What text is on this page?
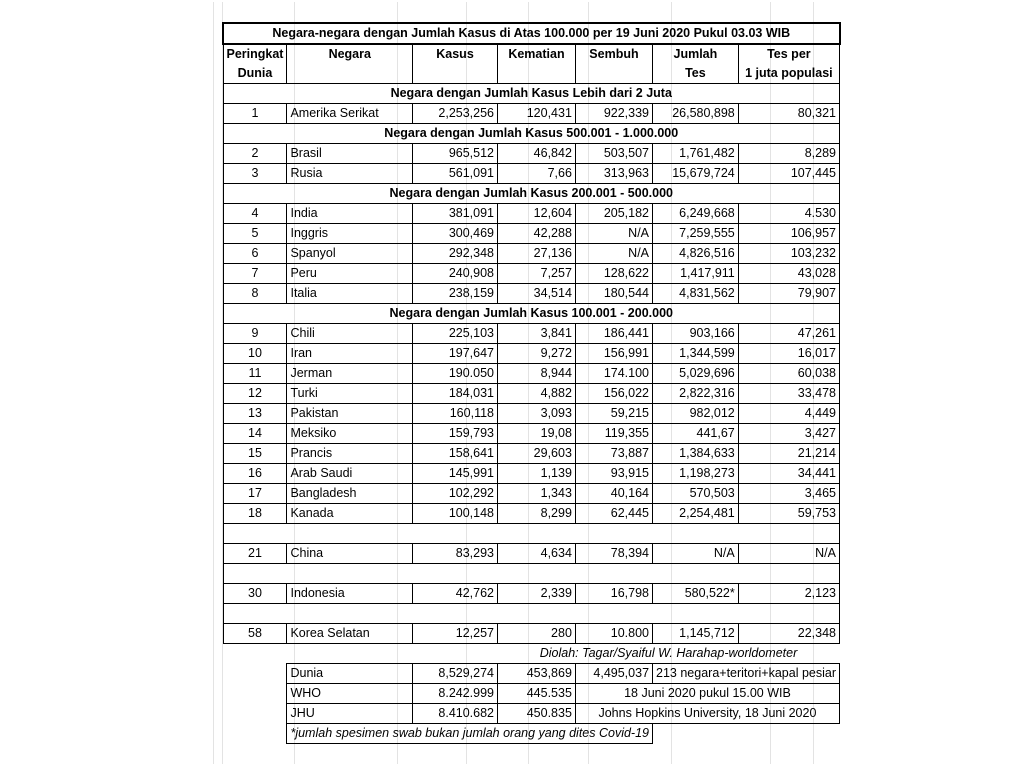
Negara-negara dengan Jumlah Kasus di Atas 100.000 per 19 Juni 2020 Pukul 03.03 WIB						
Peringkat	Negara	Kasus	Kematian	Sembuh	Jumlah	Tes per
Dunia					Tes	1 juta populasi
Negara dengan Jumlah Kasus Lebih dari 2 Juta						
1	Amerika Serikat	2,253,256	120,431	922,339	26,580,898	80,321
Negara dengan Jumlah Kasus 500.001 - 1.000.000						
2	Brasil	965,512	46,842	503,507	1,761,482	8,289
3	Rusia	561,091	7,66	313,963	15,679,724	107,445
Negara dengan Jumlah Kasus 200.001 - 500.000						
4	India	381,091	12,604	205,182	6,249,668	4.530
5	Inggris	300,469	42,288	N/A	7,259,555	106,957
6	Spanyol	292,348	27,136	N/A	4,826,516	103,232
7	Peru	240,908	7,257	128,622	1,417,911	43,028
8	Italia	238,159	34,514	180,544	4,831,562	79,907
Negara dengan Jumlah Kasus 100.001 - 200.000						
9	Chili	225,103	3,841	186,441	903,166	47,261
10	Iran	197,647	9,272	156,991	1,344,599	16,017
11	Jerman	190.050	8,944	174.100	5,029,696	60,038
12	Turki	184,031	4,882	156,022	2,822,316	33,478
13	Pakistan	160,118	3,093	59,215	982,012	4,449
14	Meksiko	159,793	19,08	119,355	441,67	3,427
15	Prancis	158,641	29,603	73,887	1,384,633	21,214
16	Arab Saudi	145,991	1,139	93,915	1,198,273	34,441
17	Bangladesh	102,292	1,343	40,164	570,503	3,465
18	Kanada	100,148	8,299	62,445	2,254,481	59,753

21	China	83,293	4,634	78,394	N/A	N/A

30	Indonesia	42,762	2,339	16,798	580,522*	2,123

58	Korea Selatan	12,257	280	10.800	1,145,712	22,348
			Diolah: Tagar/Syaiful W. Harahap-worldometer			
	Dunia	8,529,274	453,869	4,495,037	213 negara+teritori+kapal pesiar	
	WHO	8.242.999	445.535	18 Juni 2020 pukul 15.00 WIB		
	JHU	8.410.682	450.835	Johns Hopkins University, 18 Juni 2020		
	*jumlah spesimen swab bukan jumlah orang yang dites Covid-19					
